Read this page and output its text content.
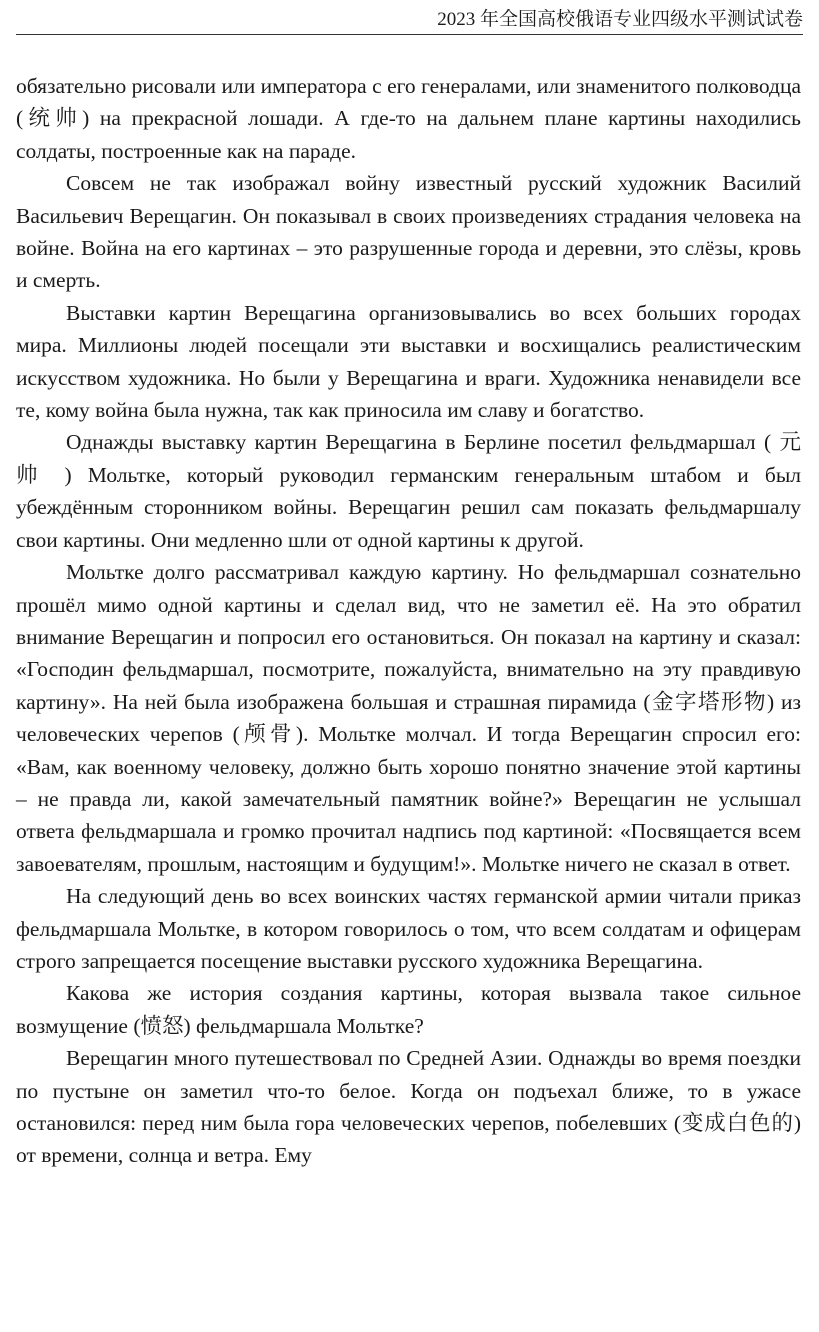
2023 年全国高校俄语专业四级水平测试试卷

обязательно рисовали или императора с его генералами, или знаменитого полководца (统帅) на прекрасной лошади. А где-то на дальнем плане картины находились солдаты, построенные как на параде.

Совсем не так изображал войну известный русский художник Василий Васильевич Верещагин. Он показывал в своих произведениях страдания человека на войне. Война на его картинах – это разрушенные города и деревни, это слёзы, кровь и смерть.

Выставки картин Верещагина организовывались во всех больших городах мира. Миллионы людей посещали эти выставки и восхищались реалистическим искусством художника. Но были у Верещагина и враги. Художника ненавидели все те, кому война была нужна, так как приносила им славу и богатство.

Однажды выставку картин Верещагина в Берлине посетил фельдмаршал ( 元 帅 ) Мольтке, который руководил германским генеральным штабом и был убеждённым сторонником войны. Верещагин решил сам показать фельдмаршалу свои картины. Они медленно шли от одной картины к другой.

Мольтке долго рассматривал каждую картину. Но фельдмаршал сознательно прошёл мимо одной картины и сделал вид, что не заметил её. На это обратил внимание Верещагин и попросил его остановиться. Он показал на картину и сказал: «Господин фельдмаршал, посмотрите, пожалуйста, внимательно на эту правдивую картину». На ней была изображена большая и страшная пирамида (金字塔形物) из человеческих черепов (颅骨). Мольтке молчал. И тогда Верещагин спросил его: «Вам, как военному человеку, должно быть хорошо понятно значение этой картины – не правда ли, какой замечательный памятник войне?» Верещагин не услышал ответа фельдмаршала и громко прочитал надпись под картиной: «Посвящается всем завоевателям, прошлым, настоящим и будущим!». Мольтке ничего не сказал в ответ.

На следующий день во всех воинских частях германской армии читали приказ фельдмаршала Мольтке, в котором говорилось о том, что всем солдатам и офицерам строго запрещается посещение выставки русского художника Верещагина.

Какова же история создания картины, которая вызвала такое сильное возмущение (愤怒) фельдмаршала Мольтке?

Верещагин много путешествовал по Средней Азии. Однажды во время поездки по пустыне он заметил что-то белое. Когда он подъехал ближе, то в ужасе остановился: перед ним была гора человеческих черепов, побелевших (变成白色的) от времени, солнца и ветра. Ему
